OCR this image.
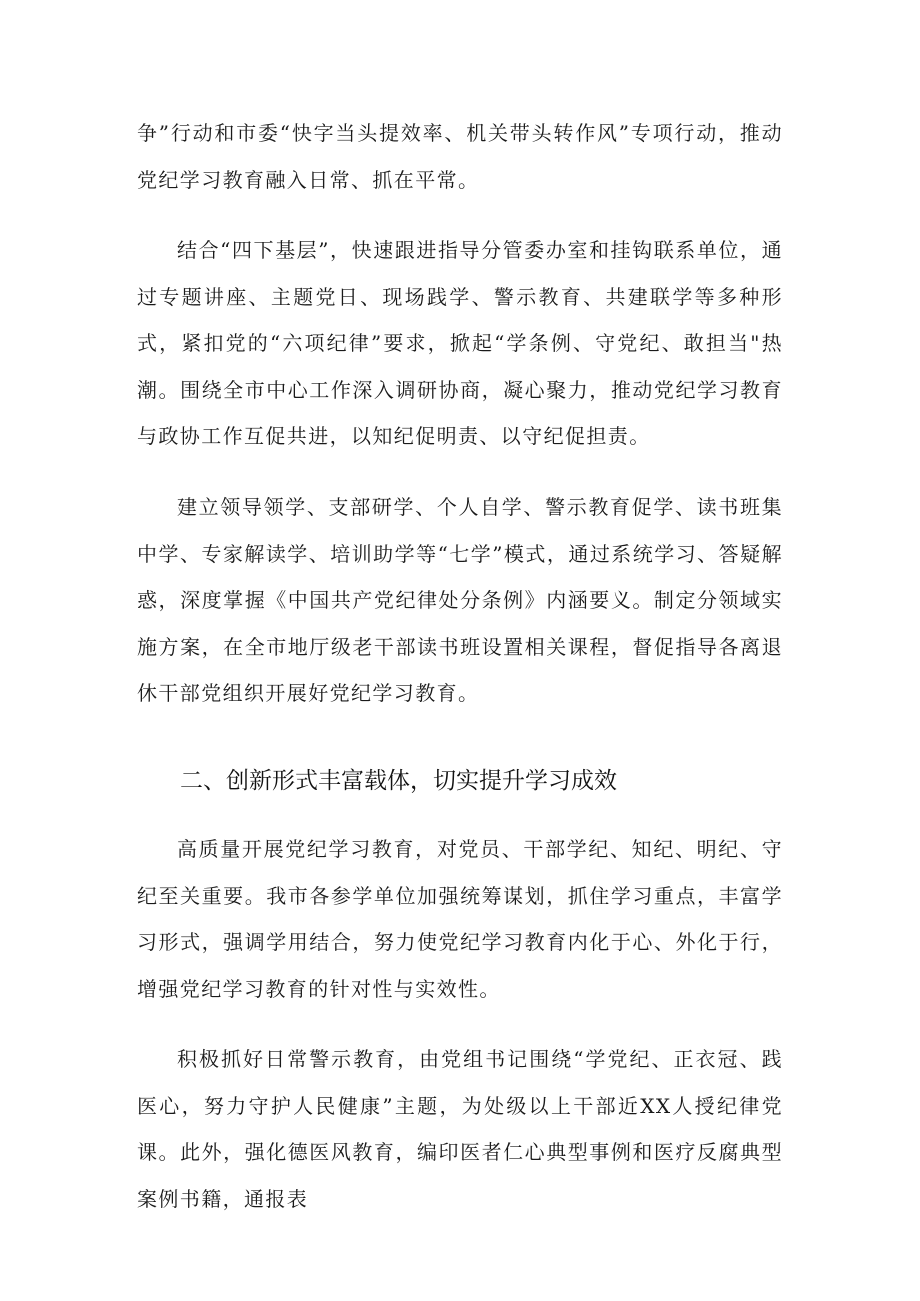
争”行动和市委“快字当头提效率、机关带头转作风”专项行动，推动党纪学习教育融入日常、抓在平常。

结合“四下基层”，快速跟进指导分管委办室和挂钩联系单位，通过专题讲座、主题党日、现场践学、警示教育、共建联学等多种形式，紧扣党的“六项纪律”要求，掀起“学条例、守党纪、敢担当"热潮。围绕全市中心工作深入调研协商，凝心聚力，推动党纪学习教育与政协工作互促共进，以知纪促明责、以守纪促担责。

建立领导领学、支部研学、个人自学、警示教育促学、读书班集中学、专家解读学、培训助学等“七学”模式，通过系统学习、答疑解惑，深度掌握《中国共产党纪律处分条例》内涵要义。制定分领域实施方案，在全市地厅级老干部读书班设置相关课程，督促指导各离退休干部党组织开展好党纪学习教育。

二、创新形式丰富载体，切实提升学习成效

高质量开展党纪学习教育，对党员、干部学纪、知纪、明纪、守纪至关重要。我市各参学单位加强统筹谋划，抓住学习重点，丰富学习形式，强调学用结合，努力使党纪学习教育内化于心、外化于行，增强党纪学习教育的针对性与实效性。

积极抓好日常警示教育，由党组书记围绕“学党纪、正衣冠、践医心，努力守护人民健康”主题，为处级以上干部近XX人授纪律党课。此外，强化德医风教育，编印医者仁心典型事例和医疗反腐典型案例书籍，通报表
